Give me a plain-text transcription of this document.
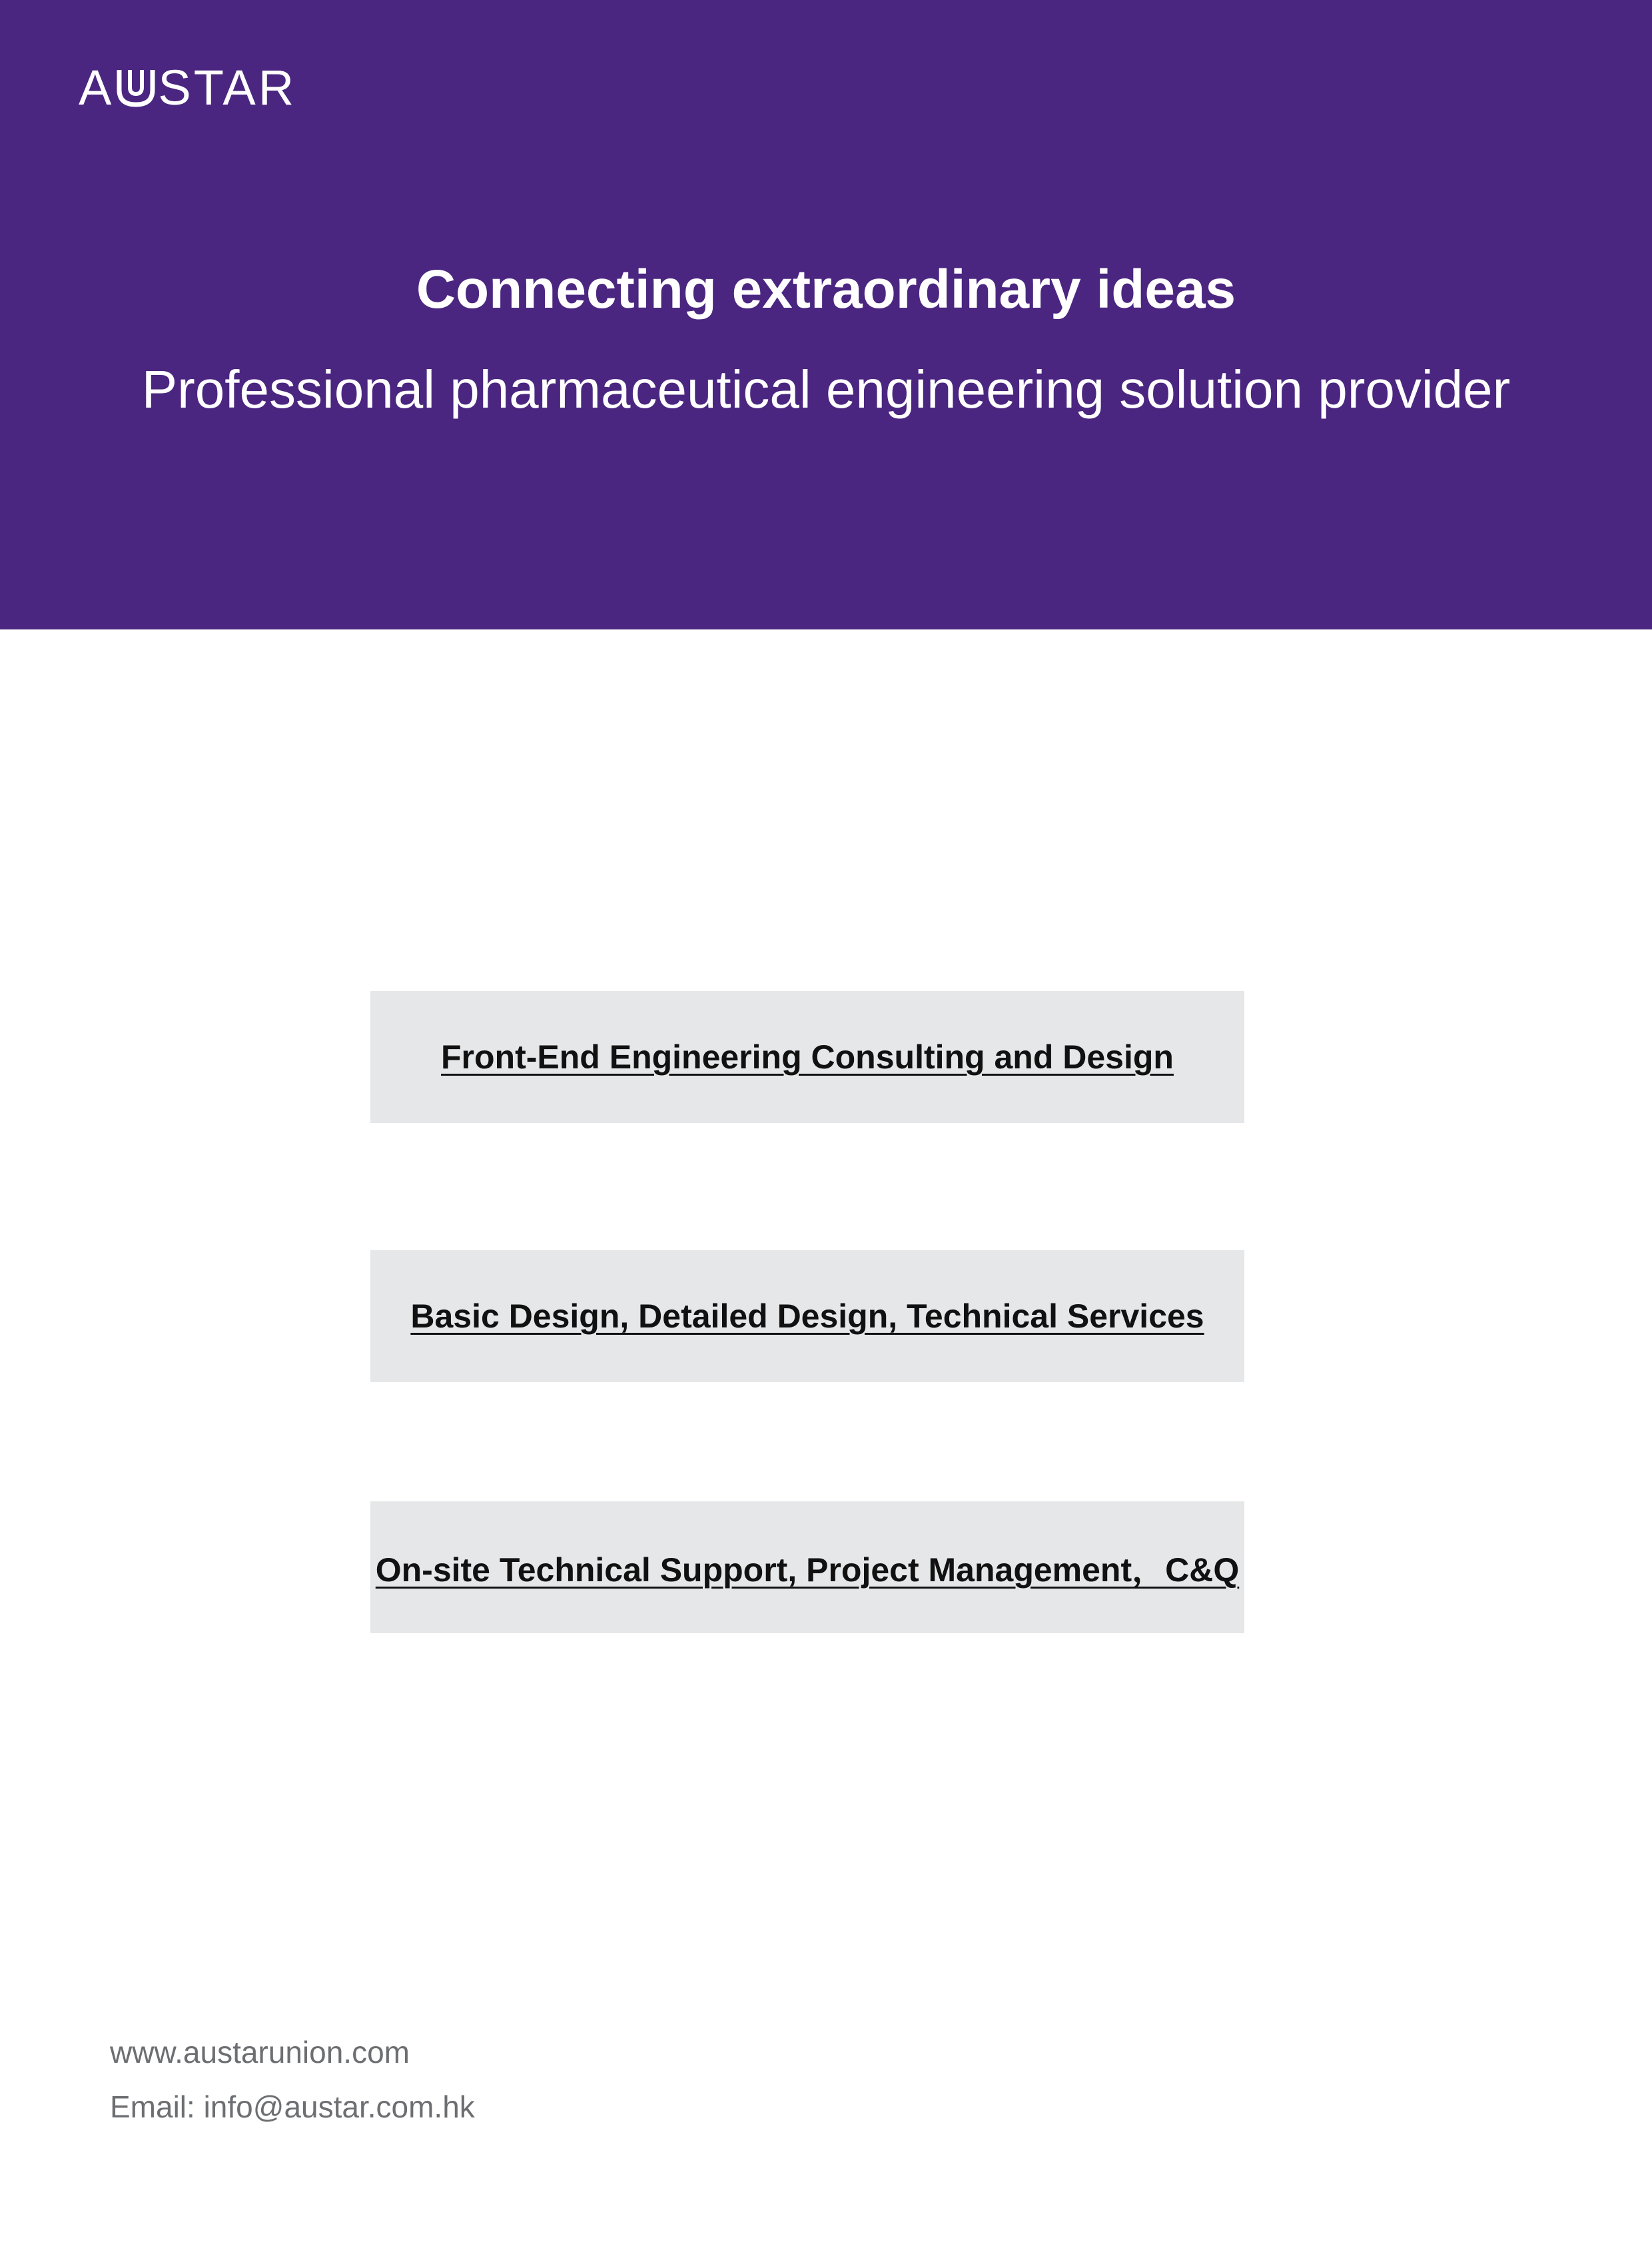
A STAR
Connecting extraordinary ideas
Professional pharmaceutical engineering solution provider
Front-End Engineering Consulting and Design
Basic Design, Detailed Design, Technical Services
On-site Technical Support, Project Management，C&Q
www.austarunion.com
Email: info@austar.com.hk
